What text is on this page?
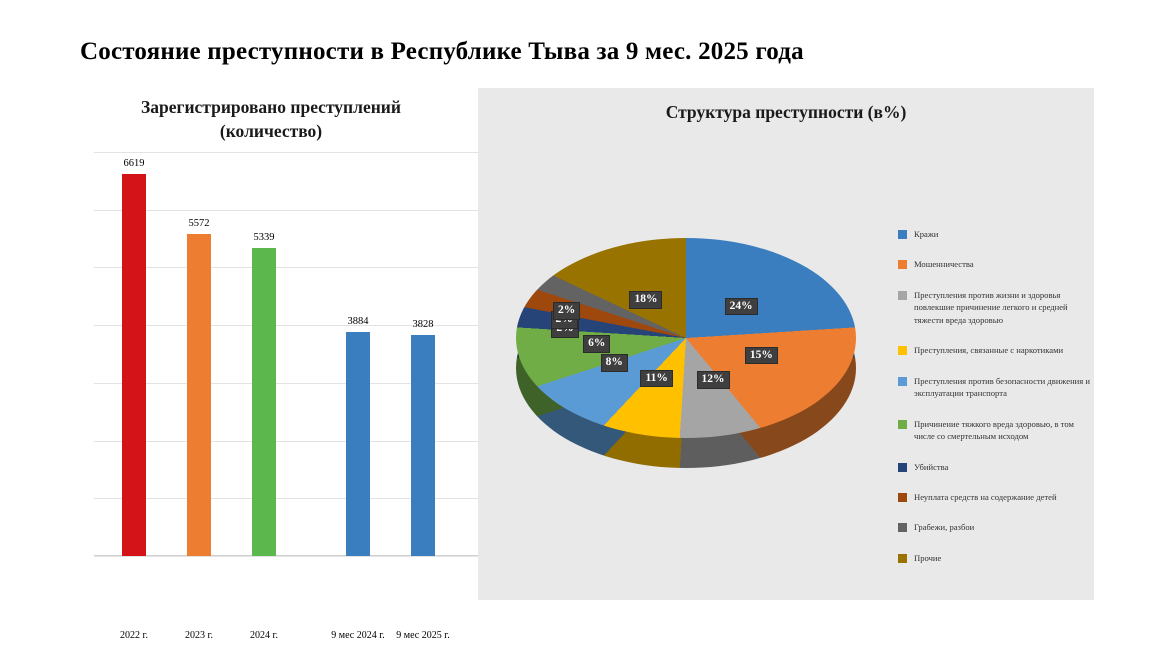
Состояние преступности в Республике Тыва за 9 мес. 2025 года
Зарегистрировано преступлений
(количество)
6619
2022 г.
5572
2023 г.
5339
2024 г.
3884
9 мес 2024 г.
3828
9 мес 2025 г.
Структура преступности (в%)
24%
15%
12%
11%
8%
6%
2%
18%
Кражи
Мошенничества
Преступления против жизни и здоровья повлекшие причинение легкого и средней тяжести вреда здоровью
Преступления, связанные с наркотиками
Преступления против безопасности движения и эксплуатации транспорта
Причинение тяжкого вреда здоровью, в том числе со смертельным исходом
Убийства
Неуплата средств на содержание детей
Грабежи, разбои
Прочие
